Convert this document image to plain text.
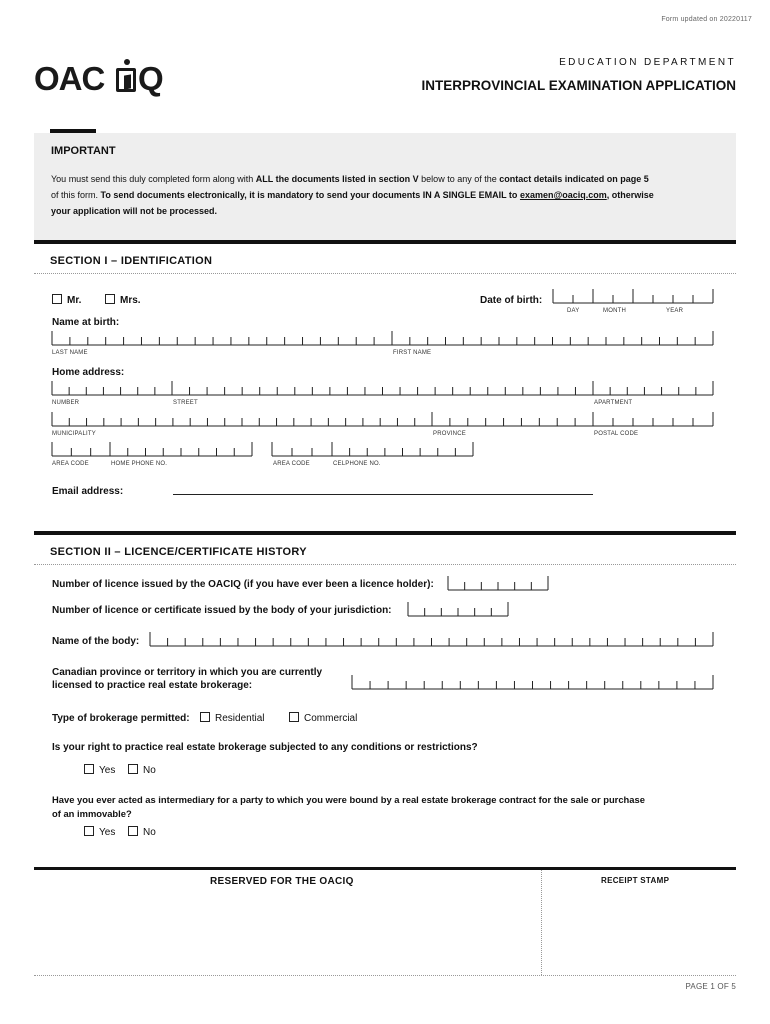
Form updated on 20220117
OAC Q	EDUCATION DEPARTMENT
INTERPROVINCIAL EXAMINATION APPLICATION
IMPORTANT
You must send this duly completed form along with ALL the documents listed in section V below to any of the contact details indicated on page 5
of this form. To send documents electronically, it is mandatory to send your documents IN A SINGLE EMAIL to examen@oaciq.com, otherwise
your application will not be processed.
SECTION I – IDENTIFICATION
Mr.	Mrs.	Date of birth:
DAY	MONTH	YEAR
Name at birth:
LAST NAME	FIRST NAME
Home address:
NUMBER	STREET	APARTMENT
MUNICIPALITY	PROVINCE	POSTAL CODE
AREA CODE	HOME PHONE NO.	AREA CODE	CELPHONE NO.
Email address:
SECTION II – LICENCE/CERTIFICATE HISTORY
Number of licence issued by the OACIQ (if you have ever been a licence holder):
Number of licence or certificate issued by the body of your jurisdiction:
Name of the body:
Canadian province or territory in which you are currently
licensed to practice real estate brokerage:
Type of brokerage permitted:	Residential	Commercial
Is your right to practice real estate brokerage subjected to any conditions or restrictions?
Yes	No
Have you ever acted as intermediary for a party to which you were bound by a real estate brokerage contract for the sale or purchase
of an immovable?
Yes	No
RESERVED FOR THE OACIQ	RECEIPT STAMP
PAGE 1 OF 5
